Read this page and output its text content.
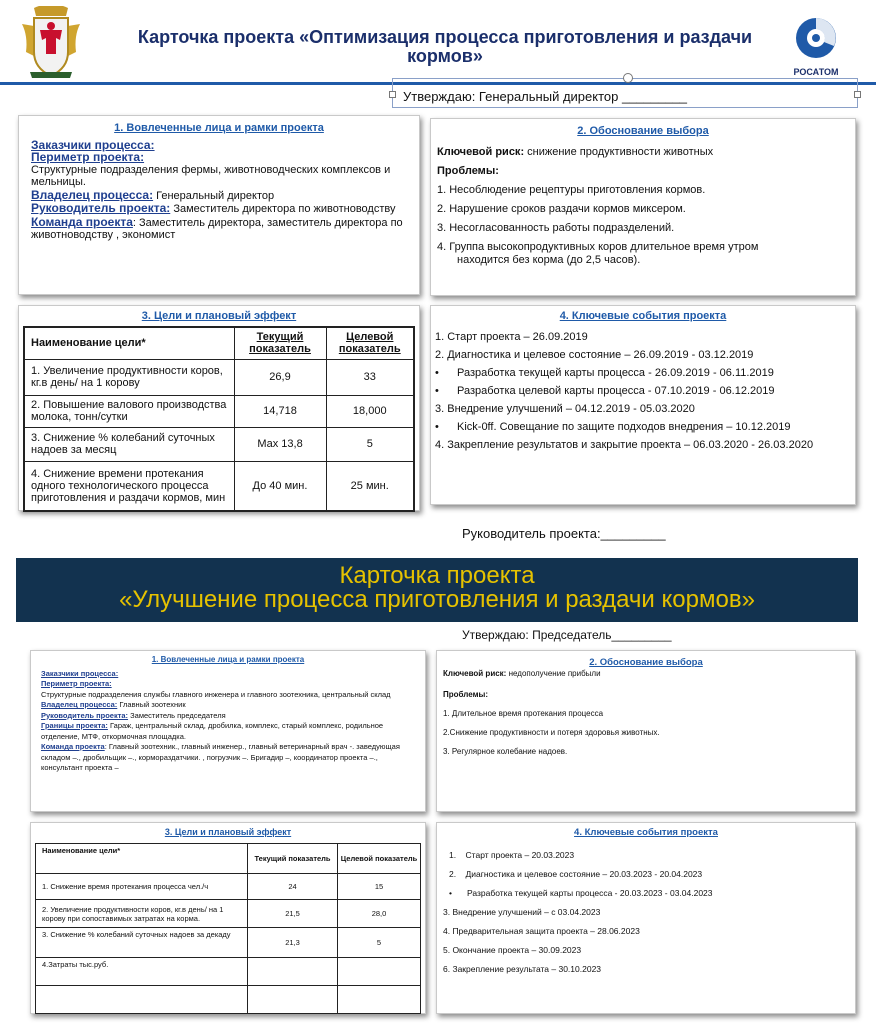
Карточка проекта «Оптимизация процесса приготовления и раздачи
кормов»
РОСАТОМ
Утверждаю: Генеральный директор _________
1. Вовлеченные лица и рамки проекта
Заказчики процесса:
Периметр проекта:
Структурные подразделения фермы, животноводческих комплексов и мельницы.
Владелец процесса: Генеральный директор
Руководитель проекта: Заместитель директора по животноводству
Команда проекта: Заместитель директора, заместитель директора по животноводству , экономист
2. Обоснование выбора
Ключевой риск: снижение продуктивности животных
Проблемы:
1. Несоблюдение рецептуры приготовления кормов.
2. Нарушение сроков раздачи кормов миксером.
3. Несогласованность работы подразделений.
4. Группа высокопродуктивных коров длительное время утром находится без корма (до 2,5 часов).
3. Цели и плановый эффект
Наименование цели*	Текущий показатель	Целевой показатель
1. Увеличение продуктивности коров, кг.в день/ на 1 корову	26,9	33
2. Повышение валового производства молока, тонн/сутки	14,718	18,000
3. Снижение % колебаний суточных надоев за месяц	Мах 13,8	5
4. Снижение времени протекания одного технологического процесса приготовления и раздачи кормов, мин	До 40 мин.	25 мин.
4. Ключевые события проекта
1. Старт проекта – 26.09.2019
2. Диагностика и целевое состояние – 26.09.2019 - 03.12.2019
• Разработка текущей карты процесса - 26.09.2019 - 06.11.2019
• Разработка целевой карты процесса - 07.10.2019 - 06.12.2019
3. Внедрение улучшений – 04.12.2019 - 05.03.2020
• Kick-0ff. Совещание по защите подходов внедрения – 10.12.2019
4. Закрепление результатов и закрытие проекта – 06.03.2020 - 26.03.2020
Руководитель проекта:_________
Карточка проекта
«Улучшение процесса приготовления и раздачи кормов»
Утверждаю: Председатель_________
1. Вовлеченные лица и рамки проекта
Заказчики процесса:
Периметр проекта:
Структурные подразделения службы главного инженера и главного зоотехника, центральный склад
Владелец процесса: Главный зоотехник
Руководитель проекта: Заместитель председателя
Границы проекта: Гараж, центральный склад, дробилка, комплекс, старый комплекс, родильное отделение, МТФ, откормочная площадка.
Команда проекта: Главный зоотехник., главный инженер., главный ветеринарный врач -. заведующая складом –., дробильщик –., кормораздатчики. , погрузчик –. Бригадир –, координатор проекта –., консультант проекта –
2. Обоснование выбора
Ключевой риск: недополучение прибыли
Проблемы:
1. Длительное время протекания процесса
2.Снижение продуктивности и потеря здоровья животных.
3. Регулярное колебание надоев.
3. Цели и плановый эффект
Наименование цели*	Текущий показатель	Целевой показатель
1. Снижение время протекания процесса чел./ч	24	15
2. Увеличение продуктивности коров, кг.в день/ на 1 корову при сопоставимых затратах на корма.	21,5	28,0
3. Снижение % колебаний суточных надоев за декаду	21,3	5
4.Затраты тыс.руб.		

4. Ключевые события проекта
1.    Старт проекта – 20.03.2023
2.    Диагностика и целевое состояние – 20.03.2023 - 20.04.2023
• Разработка текущей карты процесса - 20.03.2023 - 03.04.2023
3. Внедрение улучшений – с 03.04.2023
4. Предварительная защита проекта – 28.06.2023
5. Окончание проекта – 30.09.2023
6. Закрепление результата – 30.10.2023
